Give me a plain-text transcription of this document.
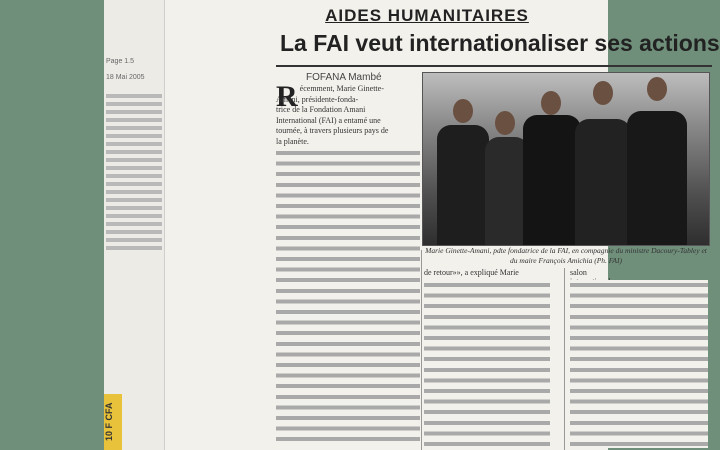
Page 1.5
18 Mai 2005
10 F CFA
AIDES HUMANITAIRES
La FAI veut internationaliser ses actions
FOFANA Mambé
R écemment, Marie Ginette-
Amani, présidente-fonda-
trice de la Fondation Amani
International (FAI) a entamé une
tournée, à travers plusieurs pays de
la planète.
Marie Ginette-Amani, pdte fondatrice de la FAI, en compagnie du ministre Dacoury-Tabley et du maire François Amichia (Ph. FAI)
de retour»», a expliqué Marie	salon
